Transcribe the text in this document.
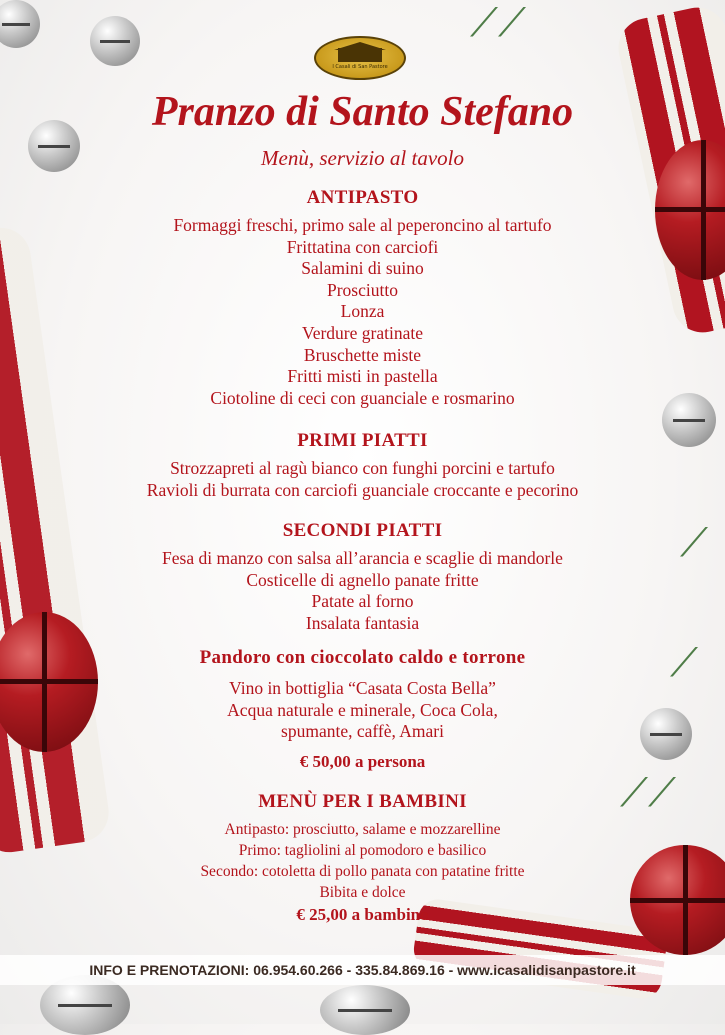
⟋⟋
⟋
⟋
⟋⟋
I Casali di San Pastore
Pranzo di Santo Stefano
Menù, servizio al tavolo
ANTIPASTO
Formaggi freschi, primo sale al peperoncino al tartufo
Frittatina con carciofi
Salamini di suino
Prosciutto
Lonza
Verdure gratinate
Bruschette miste
Fritti misti in pastella
Ciotoline di ceci con guanciale e rosmarino
PRIMI PIATTI
Strozzapreti al ragù bianco con funghi porcini e tartufo
Ravioli di burrata con carciofi guanciale croccante e pecorino
SECONDI PIATTI
Fesa di manzo con salsa all’arancia e scaglie di mandorle
Costicelle di agnello panate fritte
Patate al forno
Insalata fantasia
Pandoro con cioccolato caldo e torrone
Vino in bottiglia “Casata Costa Bella”
Acqua naturale e minerale, Coca Cola,
spumante, caffè, Amari
€ 50,00 a persona
MENÙ PER I BAMBINI
Antipasto: prosciutto, salame e mozzarelline
Primo: tagliolini al pomodoro e basilico
Secondo: cotoletta di pollo panata con patatine fritte
Bibita e dolce
€ 25,00 a bambino
INFO E PRENOTAZIONI: 06.954.60.266 - 335.84.869.16 - www.icasalidisanpastore.it
